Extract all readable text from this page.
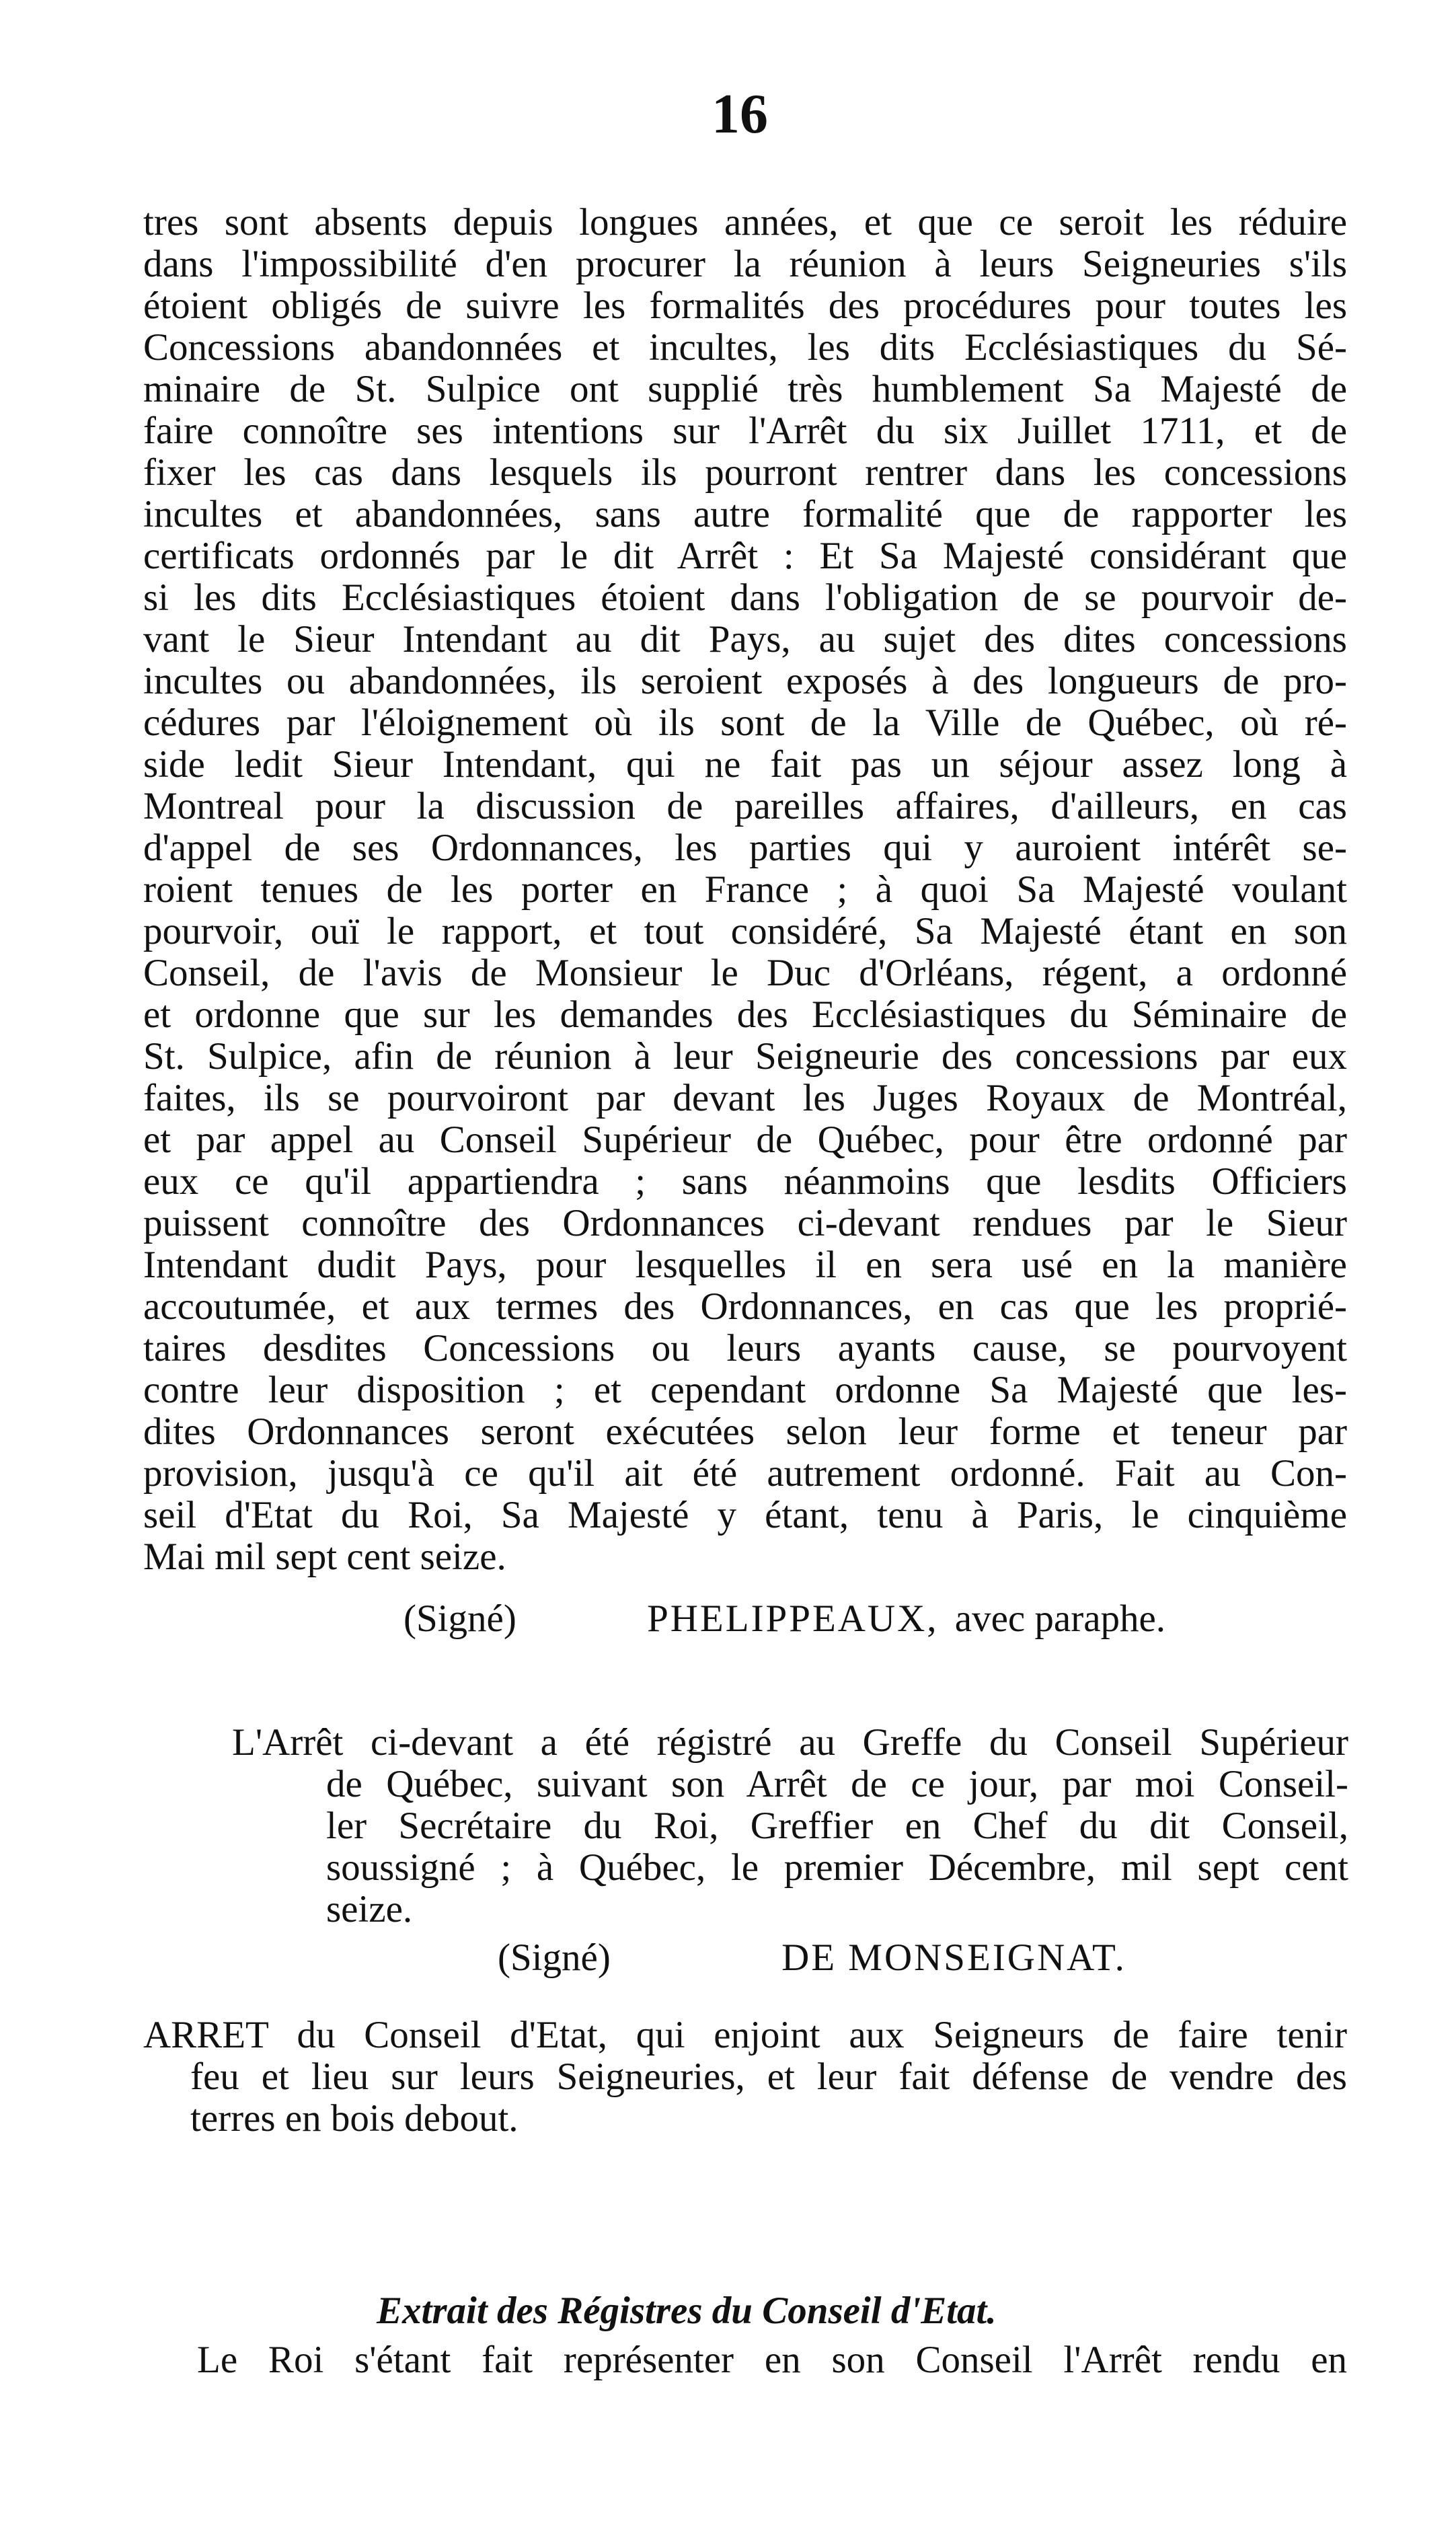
16
tres sont absents depuis longues années, et que ce seroit les réduire
dans l'impossibilité d'en procurer la réunion à leurs Seigneuries s'ils
étoient obligés de suivre les formalités des procédures pour toutes les
Concessions abandonnées et incultes, les dits Ecclésiastiques du Sé-
minaire de St. Sulpice ont supplié très humblement Sa Majesté de
faire connoître ses intentions sur l'Arrêt du six Juillet 1711, et de
fixer les cas dans lesquels ils pourront rentrer dans les concessions
incultes et abandonnées, sans autre formalité que de rapporter les
certificats ordonnés par le dit Arrêt : Et Sa Majesté considérant que
si les dits Ecclésiastiques étoient dans l'obligation de se pourvoir de-
vant le Sieur Intendant au dit Pays, au sujet des dites concessions
incultes ou abandonnées, ils seroient exposés à des longueurs de pro-
cédures par l'éloignement où ils sont de la Ville de Québec, où ré-
side ledit Sieur Intendant, qui ne fait pas un séjour assez long à
Montreal pour la discussion de pareilles affaires, d'ailleurs, en cas
d'appel de ses Ordonnances, les parties qui y auroient intérêt se-
roient tenues de les porter en France ; à quoi Sa Majesté voulant
pourvoir, ouï le rapport, et tout considéré, Sa Majesté étant en son
Conseil, de l'avis de Monsieur le Duc d'Orléans, régent, a ordonné
et ordonne que sur les demandes des Ecclésiastiques du Séminaire de
St. Sulpice, afin de réunion à leur Seigneurie des concessions par eux
faites, ils se pourvoiront par devant les Juges Royaux de Montréal,
et par appel au Conseil Supérieur de Québec, pour être ordonné par
eux ce qu'il appartiendra ; sans néanmoins que lesdits Officiers
puissent connoître des Ordonnances ci-devant rendues par le Sieur
Intendant dudit Pays, pour lesquelles il en sera usé en la manière
accoutumée, et aux termes des Ordonnances, en cas que les proprié-
taires desdites Concessions ou leurs ayants cause, se pourvoyent
contre leur disposition ; et cependant ordonne Sa Majesté que les-
dites Ordonnances seront exécutées selon leur forme et teneur par
provision, jusqu'à ce qu'il ait été autrement ordonné. Fait au Con-
seil d'Etat du Roi, Sa Majesté y étant, tenu à Paris, le cinquième
Mai mil sept cent seize.
(Signé)	PHELIPPEAUX, avec paraphe.
L'Arrêt ci-devant a été régistré au Greffe du Conseil Supérieur
de Québec, suivant son Arrêt de ce jour, par moi Conseil-
ler Secrétaire du Roi, Greffier en Chef du dit Conseil,
soussigné ; à Québec, le premier Décembre, mil sept cent
seize.
(Signé)	DE MONSEIGNAT.
ARRET du Conseil d'Etat, qui enjoint aux Seigneurs de faire tenir
feu et lieu sur leurs Seigneuries, et leur fait défense de vendre des
terres en bois debout.
Extrait des Régistres du Conseil d'Etat.
Le Roi s'étant fait représenter en son Conseil l'Arrêt rendu en
